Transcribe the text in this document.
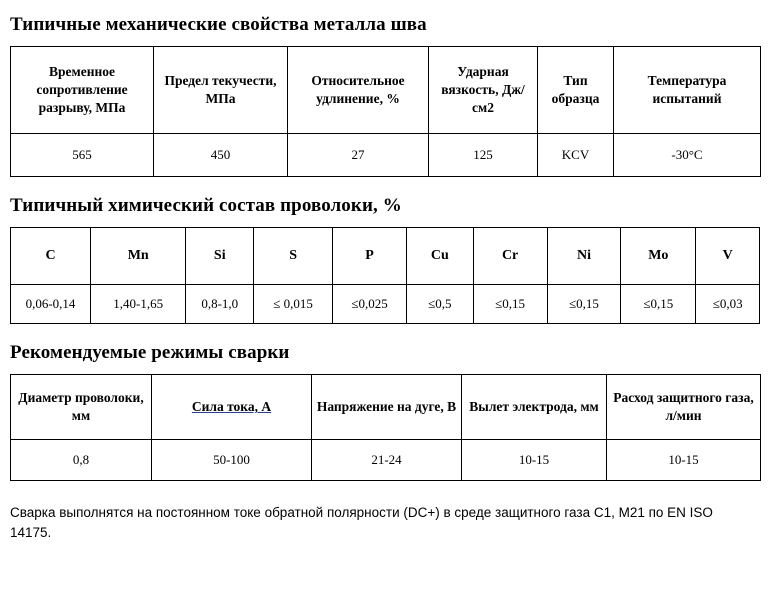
Типичные механические свойства металла шва
Временное сопротивление разрыву, МПа	Предел текучести, МПа	Относительное удлинение, %	Ударная вязкость, Дж/см2	Тип образца	Температура испытаний
565	450	27	125	KCV	-30°C
Типичный химический состав проволоки, %
C	Mn	Si	S	P	Cu	Cr	Ni	Mo	V
0,06-0,14	1,40-1,65	0,8-1,0	≤ 0,015	≤0,025	≤0,5	≤0,15	≤0,15	≤0,15	≤0,03
Рекомендуемые режимы сварки
Диаметр проволоки, мм	Сила тока, А	Напряжение на дуге, В	Вылет электрода, мм	Расход защитного газа, л/мин
0,8	50-100	21-24	10-15	10-15
Сварка выполнятся на постоянном токе обратной полярности (DC+) в среде защитного газа C1, M21 по EN ISO 14175.
